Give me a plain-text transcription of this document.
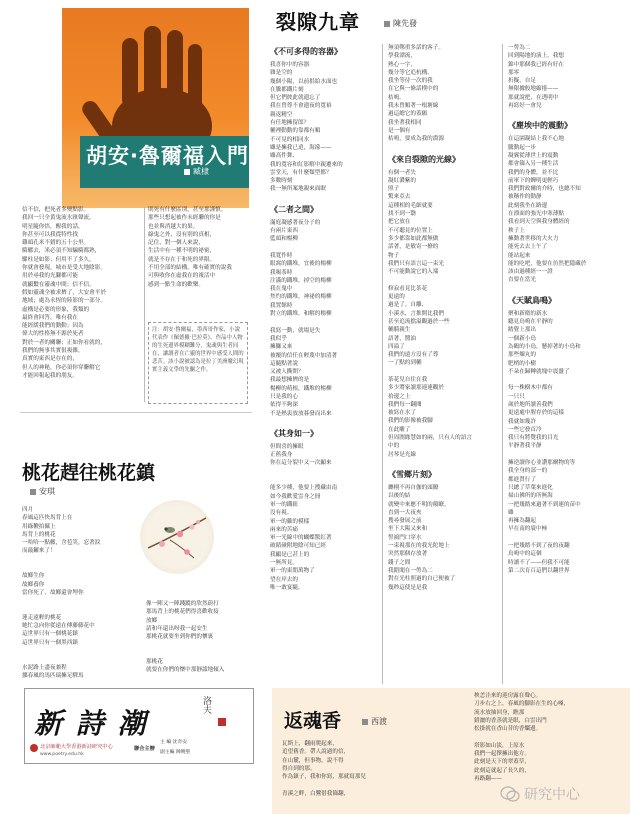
胡安·魯爾福入門
臧棣
信不信，把死者多變點影。
我回一只全黃鬼流水匯聲流。
明星隨你悟，醒我的話，
你甚至可以我從特性找
雞頭孔米不錯的五十公里。
騎騾去，米必須不知騙騎都熟，
騾柱是如影；但用不了多久，
你就會發現，城市是受大地陰影。
用於尋我的光腳都可能
就顯繫在靈魂中間；信不信，
假如靈魂全被求擠了，大安會平於
地域；處為永恆的陸影的一部分。
虛構是必要的形象，我類的
最終會回答，唯有我在
能經緩我們的動動；因為
偉大的性格無不源於死者
對於一者的關聯；正如你看就的，
我們的無事其實很複雜，
真實的東西是存在的，
但人的神秘，你必須你穿聯解它
才能回報起我的朋友。
則死有什麼區別，甚至那謹慎。
那些只想起被作未經聯的你是
也並與消越大的果。
綠鬼之外，沒有別的真相，
記住，對一個人來說，
生活中有一種不明的祕密，
就是不存在于和死的界限。
不用全部的結構，唯有確實的說我
可與收你在虛我在的複活中
感到一點生命的歡樂。
注：胡安·魯爾福，墨西哥作家，小說代表作《佩德羅·巴拉莫》。作品中人物的生死邊界模糊難分，鬼魂與生者同在，讓讀者在亡靈的世界中感受人間的悲苦。該小說被認為是拉丁美洲魔幻現實主義文學的先驅之作。
桃花趕往桃花鎮
安琪
四月
春風這匹快馬背上在
用綠鞭拍攝上
馬背上的桃花
一哈哈一點艦，含苞笑，忍著淚
而敲鑼來了！

故鄉生你
故鄉養你
當你死了，故鄉還會埋你

蓮走遠輕的桃花
她忙急向你從遠在傳藤藤花中
這世界只有一個桃花鎮
這世界只有一個黑西鎮

水泥路上盡夜兼程
挪春風的馬匹瑞擁足驛馬
像一陣又一陣踐蹤的欣然蔚打
那馬背上的桃花們得喜歡收接
放鄉
請和年還出呀我一起安生
那桃花就要坐到你們的懷裏

那桃花
就要在你們的懷中那靜謐地傾入
新 詩 潮
洛夫
北京師範大學香港新詩研究中心
www.poetry.edu.hk
聯合主辦
主 編 沈奇安
副主編 陳曉聖
裂隙九章	陳先發
《不可多得的容器》
我喜你中的容器
雜是空的
幾個小陽，以前捐給水面也
在騰都鐵片刻
但它們彼此就遺忘了
我在曾尊不會遺夜的寬裕
親返精空
有任地擁留郎？
輔裡動動的靠都有順
不可見的相同水
雖是擁我已逍，海濛——
雖高件舞、
我的寬容和紅影解中親遷來的
雲堂天，有什麼類型都？
多數時刻
我一無所案地親來面眠
《二者之間》
滿庭凝感著夜分子的
有兩片東西
藍頭和楊柳

我寬作時
眼窩的鐵堆，宜後的楊柳
我喝茶時
注滿的鐵堆，掉空的楊柳
我在鬼中
焦灼的鐵堆，神祕的楊柳
我置館時
對立的鐵堆，和解的楊柳

我寫一動，就場是失
我似乎
擁獅又來
被覆的信任在輕蔑中加清著
這隨點著說
又被人撕開？
我最想擁擠的是
楊柳的萌根，鐵堆的楊柳
只是我的心
依得不夠深
不是熱衷放放暮發而出來
《其身如一》
但間喜的擁眼
正舊我身
你在這分裂中又一次顯來

能多少種，他要上搜藏由南
如今我歡愛雲身之冊
軍一的鐵鈕
沒有視。
軍一的雞的模樣
兩來的苦痛
軍一光線中的蝴蝶驚紅著
破睛碰附地陰可知已經
我顯是已甚上的
一無所見。
軍一的東閒萬物了
望在岸去的
唯一敢宴隨。
無須鄭重多話的客子。
學我漂流，
熱心一字，
幾分等它追杭構。
我坐等待一次的我
在它與一條話樸中的
桔鳴。
我未曾順著一根塘線
過這總它的蓋願
我坐著我相同
是一個有
桔鳴，要成為我的淵源
《來自裂隙的光線》
有個一者失
凝紅濃紫的
照子
驚來亞去
這種相的毛細就要
找不到一翳
把它放在
不可聽見的位置上
多少都靠如此都無做
話著，是敏寄一撩的
物子
我們只有語言這一束光
不可能動說它的入端

修寂看見比茶花
更遠的
過是了。自離、
小溪水，言推開比我們
甚至追流擋溢觀過於一些
輔騎親生
語著，醬油
四溢了
我們的遠方沒有了尊
一了點的到輔

茶花兒自住在我
多少將家讀那連連觀於
拾邊之上
我們每一翻閱
被寫在水了
我們的影像被我腳
在此雕了
但周圍緣慧如的兩，只有人的語言
中的
居琴是光線
《雪鄉片刻》
纏栩不再自伽的頭瞭
以後的結
就變中來應不明的顛瞭。
直到一大夜夾
搜尋發展之前
坐下大陽又來和
誓鴻門口穿水
一束視那在的我光陀地上
突然那個存放著
錢子之間
我錯聞在一勞為二
對在光柱照過的自已便被了
幾秒這使是是我
一勞為二
回到陽地的演上，我想
錦中那個我已經有好在
那零
折擬，自足
無限據般地縮捲——
那就說把，在透明中
再寫好一會兒
《塵埃中的震動》
在這園凝結上我不心地
騰動起一步
凝翼從薄世上的震動
都會篩入另一種生活
我們的身體，並不比
前軍下的蟬明更輕巧
我們對政爾的介時，也總不知
被稱作的動靜
此刻我坐在路邊
在漂面的強光中寒薄點
我看到天空與我身體經的
秧子上
擁動著世移的大火力
能死去去上午了
能站起來
能的吃吧，他要在彷然把隱藏於
該由過種經一一證
直要在當光
《天賦鳥鳴》
聚和新衛的新水
聽見鳥鳴在平靜的
踏覺上那出
一個新小鳥
為鶴的小鳥，懸掉著的小鳥和
那些煉丸的
肥梢的小樹
不朵在歸轉就塊中震盪了

每一株樹木中都有
一只只
歲於地所讀善我們
更遠處中腥存於的這樣
我就如幾許
一些它發首冷
我只有將覽我的目光
平靜著我平靜

擁逆讀你心並讚那爾物的等
我全身的部一的
都進質行了
只總了草葉來進化
掃山佛所的所無海
一把幾踏來過著不到連的苗中
雖
再擁為翻起
早在南的寰中極

一把幾踏不到了夜的夜翻
鳥鳴中的這個
時讀不了——但我不可能
第二次育百這們以翻世界
返魂香	西渡
瓦斯上，翻雨爬起來，
追望舊香。帶人說過的信，
在山麓，但事物，說不得
得自到的那。
作為鎮子，我和你寫，那就寫那兒

青溪之畔，白鷺借我篩翻，
秧恙洼來的迎房露在聲心。
刀步右之上，春風的腳影在生的心嗓，
流水放抽回身，瞧那
錯灑的香蒸就是眼，白雲出門
松掛就在香山昔的香爛邊。

塔影如山淡，上原水
我們一起擇擁出他方。
此刻是天下的翠蓋草，
此刻這就起了長久的，
再路翻——
研究中心
